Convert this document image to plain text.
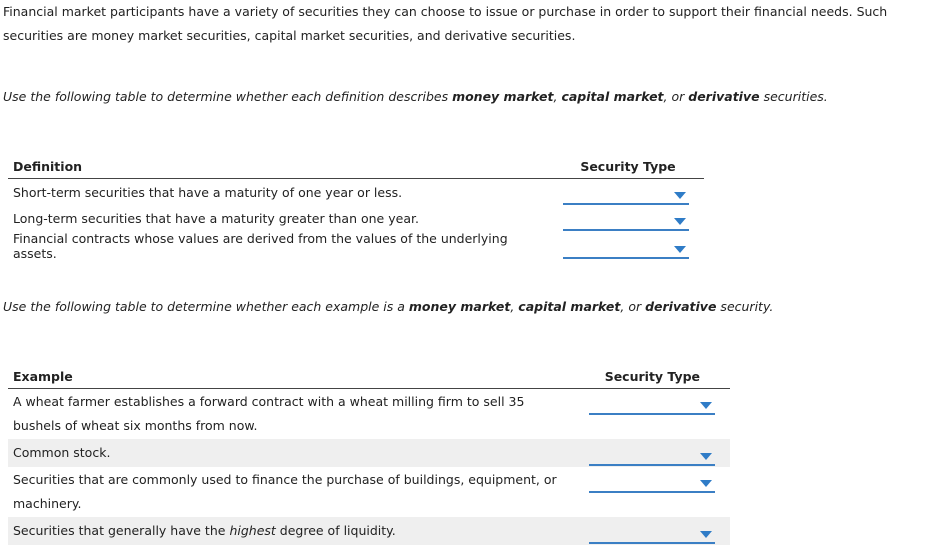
Financial market participants have a variety of securities they can choose to issue or purchase in order to support their financial needs. Such securities are money market securities, capital market securities, and derivative securities.

Use the following table to determine whether each definition describes money market, capital market, or derivative securities.

Definition	Security Type
Short-term securities that have a maturity of one year or less.	

Long-term securities that have a maturity greater than one year.	

Financial contracts whose values are derived from the values of the underlying assets.	

Use the following table to determine whether each example is a money market, capital market, or derivative security.

Example	Security Type
A wheat farmer establishes a forward contract with a wheat milling firm to sell 35 bushels of wheat six months from now.	

Common stock.	

Securities that are commonly used to finance the purchase of buildings, equipment, or machinery.	

Securities that generally have the highest degree of liquidity.	
